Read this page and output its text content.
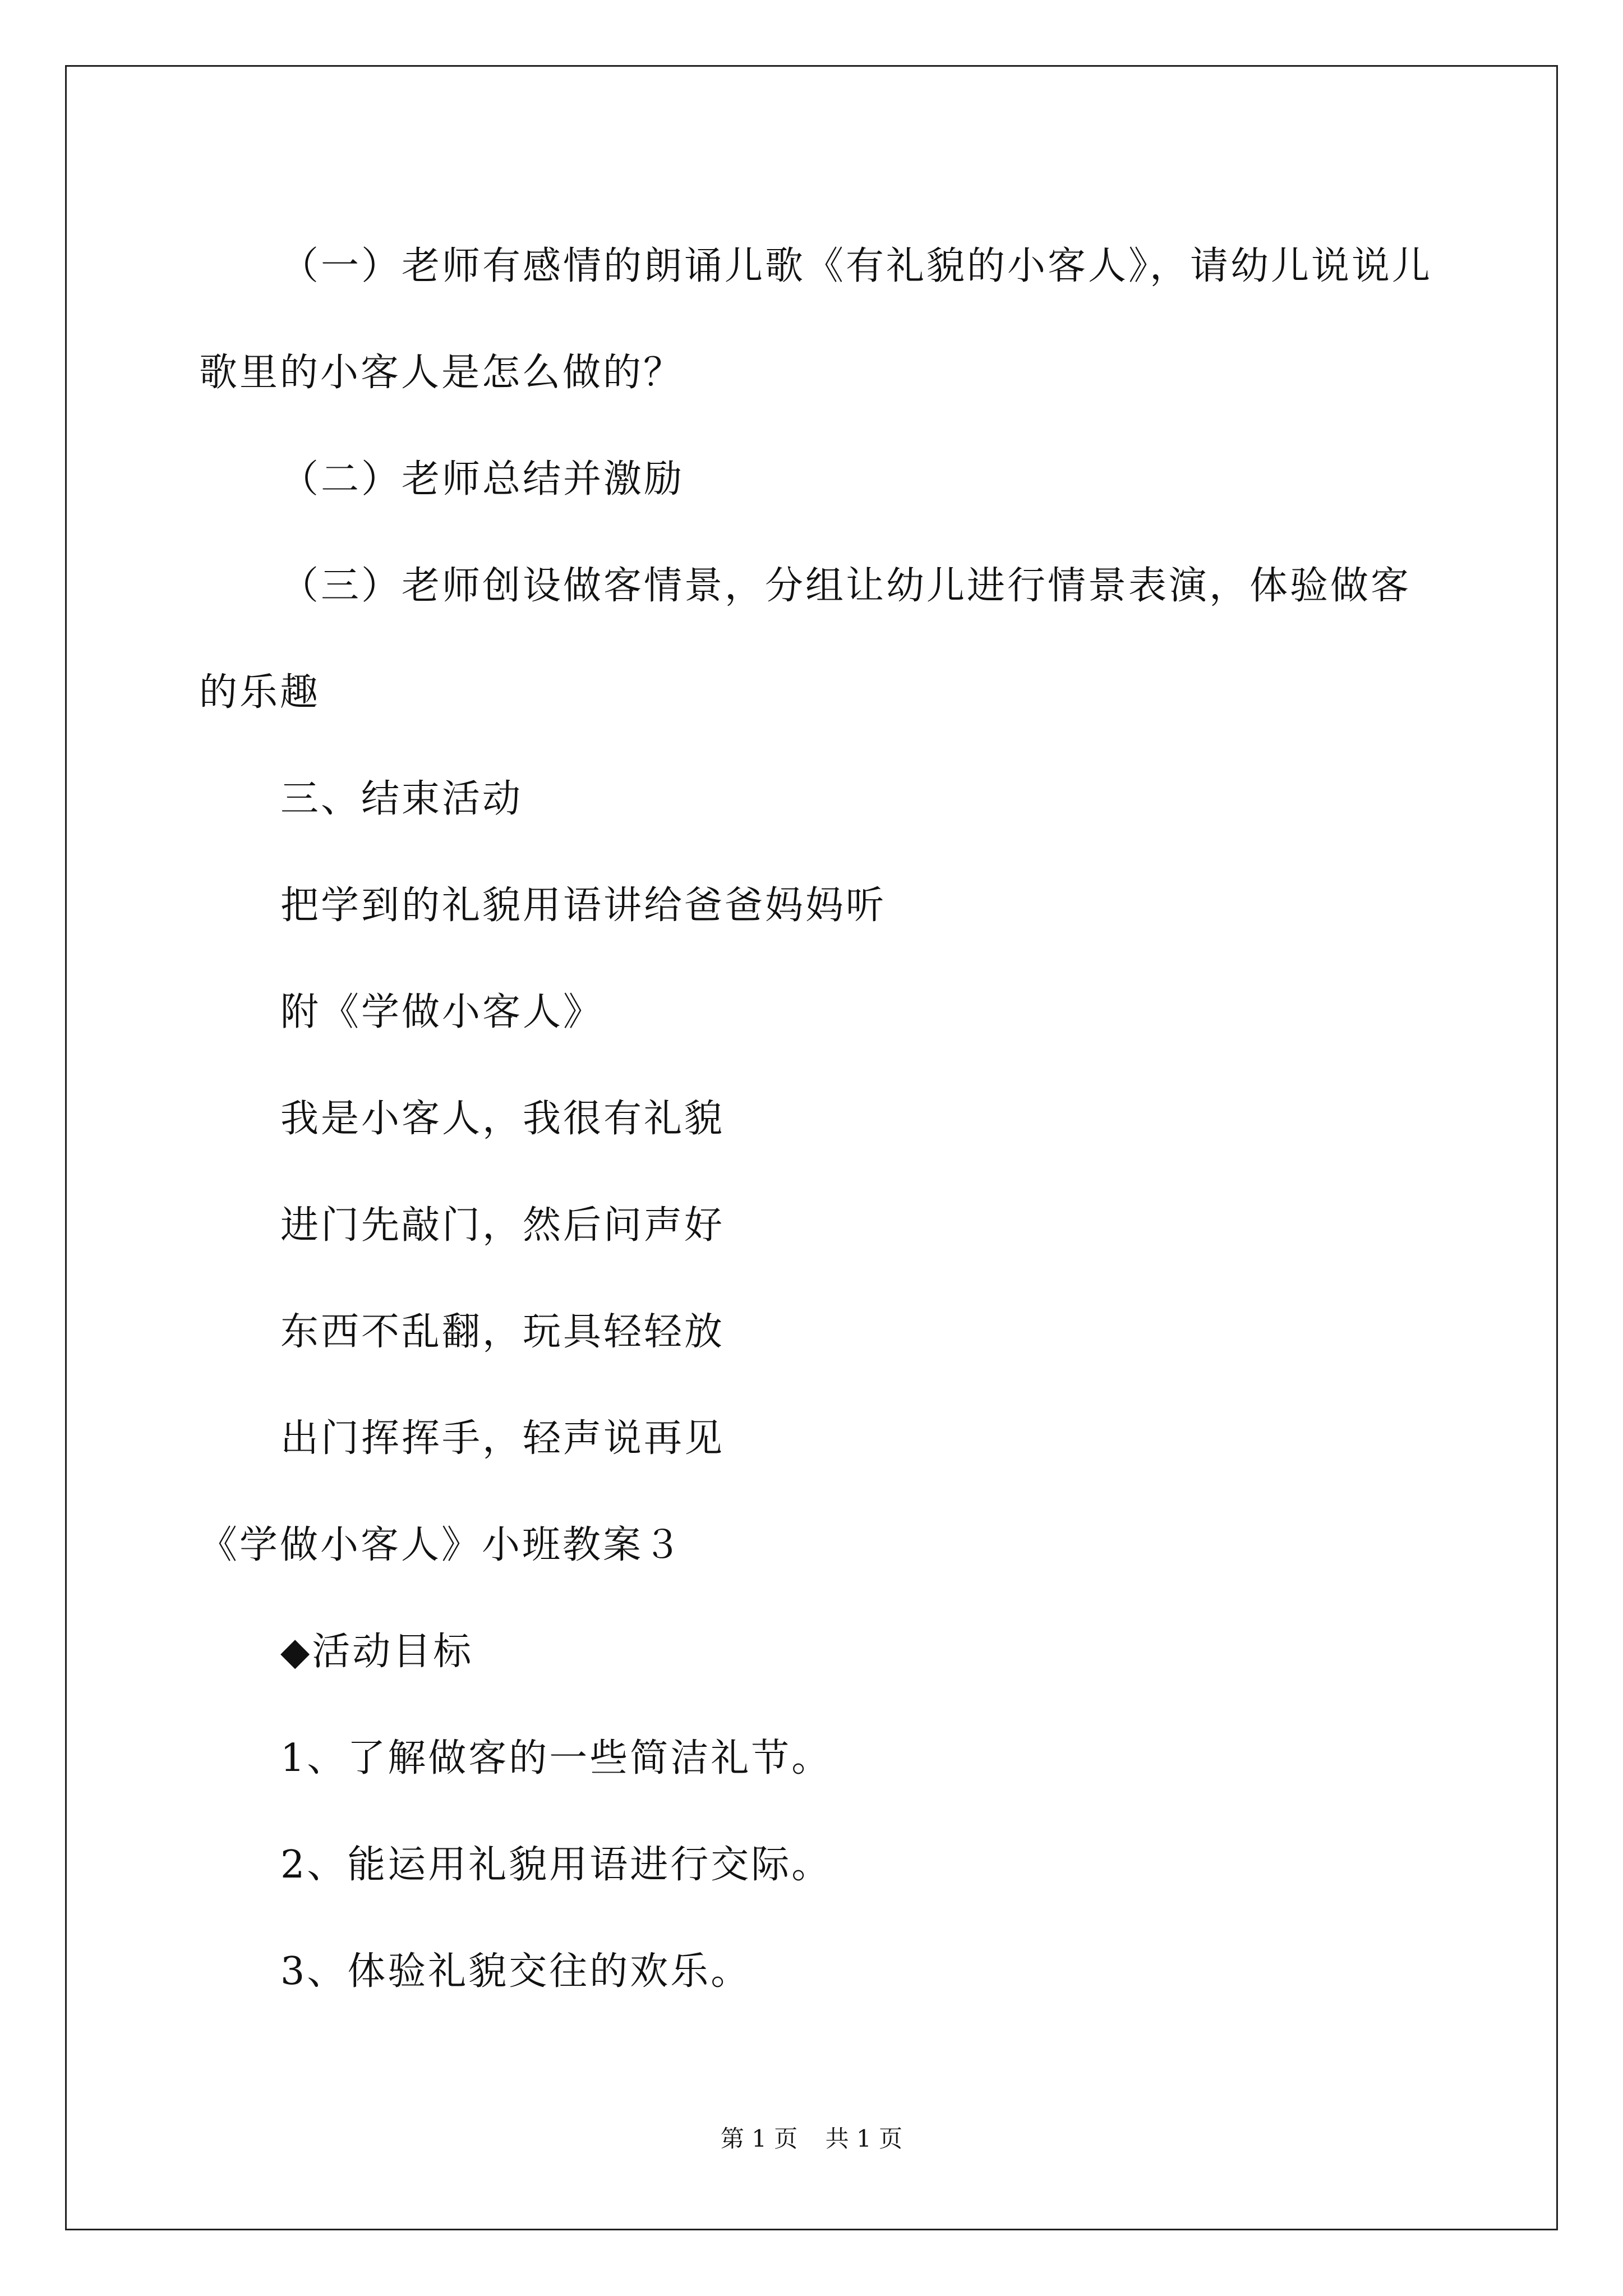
（一）老师有感情的朗诵儿歌《有礼貌的小客人》，请幼儿说说儿

歌里的小客人是怎么做的？

（二）老师总结并激励

（三）老师创设做客情景，分组让幼儿进行情景表演，体验做客

的乐趣

三、结束活动

把学到的礼貌用语讲给爸爸妈妈听

附《学做小客人》

我是小客人，我很有礼貌

进门先敲门，然后问声好

东西不乱翻，玩具轻轻放

出门挥挥手，轻声说再见

《学做小客人》小班教案３

◆活动目标

1、了解做客的一些简洁礼节。

2、能运用礼貌用语进行交际。

3、体验礼貌交往的欢乐。

第 1 页 共 1 页
